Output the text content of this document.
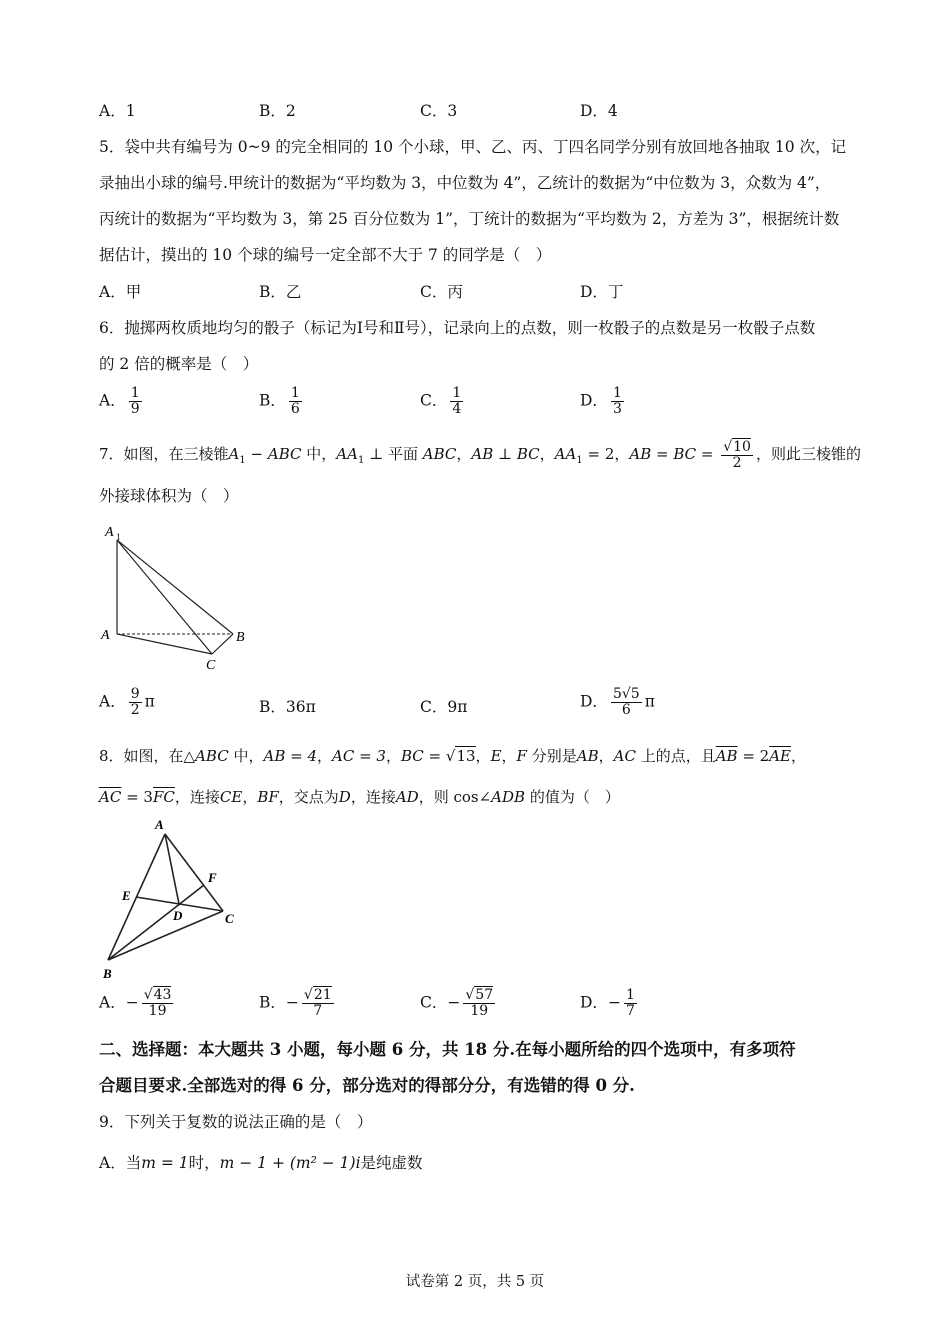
A．1	B．2	C．3	D．4
5．袋中共有编号为 0~9 的完全相同的 10 个小球，甲、乙、丙、丁四名同学分别有放回地各抽取 10 次，记
录抽出小球的编号.甲统计的数据为“平均数为 3，中位数为 4”，乙统计的数据为“中位数为 3，众数为 4”，
丙统计的数据为“平均数为 3，第 25 百分位数为 1”，丁统计的数据为“平均数为 2，方差为 3”，根据统计数
据估计，摸出的 10 个球的编号一定全部不大于 7 的同学是（　）
A．甲	B．乙	C．丙	D．丁
6．抛掷两枚质地均匀的骰子（标记为Ⅰ号和Ⅱ号），记录向上的点数，则一枚骰子的点数是另一枚骰子点数
的 2 倍的概率是（　）
A． $\frac{1}{9}$	B． $\frac{1}{6}$	C． $\frac{1}{4}$	D． $\frac{1}{3}$
7．如图，在三棱锥$A_1$ − ABC 中，$AA_1$ ⊥ 平面 ABC，AB ⊥ BC，$AA_1 = 2$，AB = BC = $\frac{√10}{2}$ ，则此三棱锥的
外接球体积为（　）
A 1
A	B
C
A． $\frac{9}{2}$ π	B．36π	C．9π	D． $\frac{5√5}{6}$ π
8．如图，在△ABC 中，AB = 4，AC = 3，BC = √13，E，F 分别是AB，AC 上的点，且$\overline{AB} = 2\overline{AE}$，
$\overline{AC} = 3\overline{FC}$，连接CE，BF，交点为D，连接AD，则 cos∠ADB 的值为（　）
A
B
C
D
E
F
A．− $\frac{√43}{19}$	B．− $\frac{√21}{7}$	C．− $\frac{√57}{19}$	D．− $\frac{1}{7}$
二、选择题：本大题共 3 小题，每小题 6 分，共 18 分.在每小题所给的四个选项中，有多项符
合题目要求.全部选对的得 6 分，部分选对的得部分分，有选错的得 0 分.
9．下列关于复数的说法正确的是（　）
A．当m = 1时，m − 1 + (m² − 1)i是纯虚数
试卷第 2 页，共 5 页
